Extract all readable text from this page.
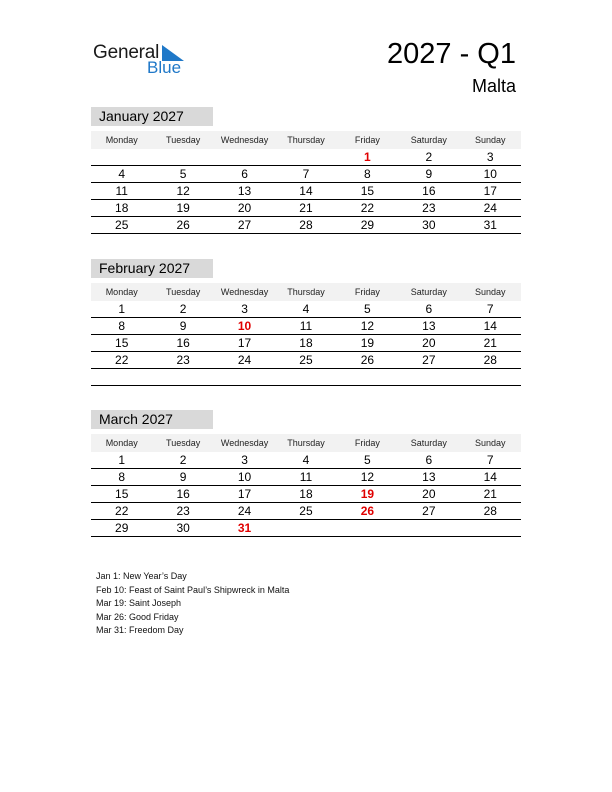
General
Blue	2027 - Q1
Malta
January 2027
Monday	Tuesday	Wednesday	Thursday	Friday	Saturday	Sunday
				1	2	3
4	5	6	7	8	9	10
11	12	13	14	15	16	17
18	19	20	21	22	23	24
25	26	27	28	29	30	31
February 2027
Monday	Tuesday	Wednesday	Thursday	Friday	Saturday	Sunday
1	2	3	4	5	6	7
8	9	10	11	12	13	14
15	16	17	18	19	20	21
22	23	24	25	26	27	28

March 2027
Monday	Tuesday	Wednesday	Thursday	Friday	Saturday	Sunday
1	2	3	4	5	6	7
8	9	10	11	12	13	14
15	16	17	18	19	20	21
22	23	24	25	26	27	28
29	30	31				
Jan 1: New Year’s Day
Feb 10: Feast of Saint Paul’s Shipwreck in Malta
Mar 19: Saint Joseph
Mar 26: Good Friday
Mar 31: Freedom Day
